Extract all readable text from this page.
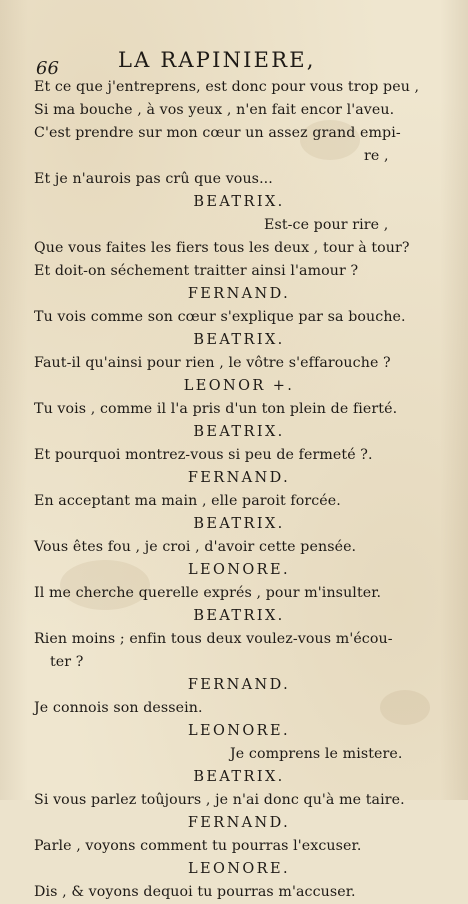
66	LA RAPINIERE,
Et ce que j'entreprens, est donc pour vous trop peu ,
Si ma bouche , à vos yeux , n'en fait encor l'aveu.
C'est prendre sur mon cœur un assez grand empi-
re ,
Et je n'aurois pas crû que vous...
BEATRIX.
Est-ce pour rire ,
Que vous faites les fiers tous les deux , tour à tour?
Et doit-on séchement traitter ainsi l'amour ?
FERNAND.
Tu vois comme son cœur s'explique par sa bouche.
BEATRIX.
Faut-il qu'ainsi pour rien , le vôtre s'effarouche ?
LEONOR +.
Tu vois , comme il l'a pris d'un ton plein de fierté.
BEATRIX.
Et pourquoi montrez-vous si peu de fermeté ?.
FERNAND.
En acceptant ma main , elle paroit forcée.
BEATRIX.
Vous êtes fou , je croi , d'avoir cette pensée.
LEONORE.
Il me cherche querelle exprés , pour m'insulter.
BEATRIX.
Rien moins ; enfin tous deux voulez-vous m'écou-
ter ?
FERNAND.
Je connois son dessein.
LEONORE.
Je comprens le mistere.
BEATRIX.
Si vous parlez toûjours , je n'ai donc qu'à me taire.
FERNAND.
Parle , voyons comment tu pourras l'excuser.
LEONORE.
Dis , & voyons dequoi tu pourras m'accuser.
